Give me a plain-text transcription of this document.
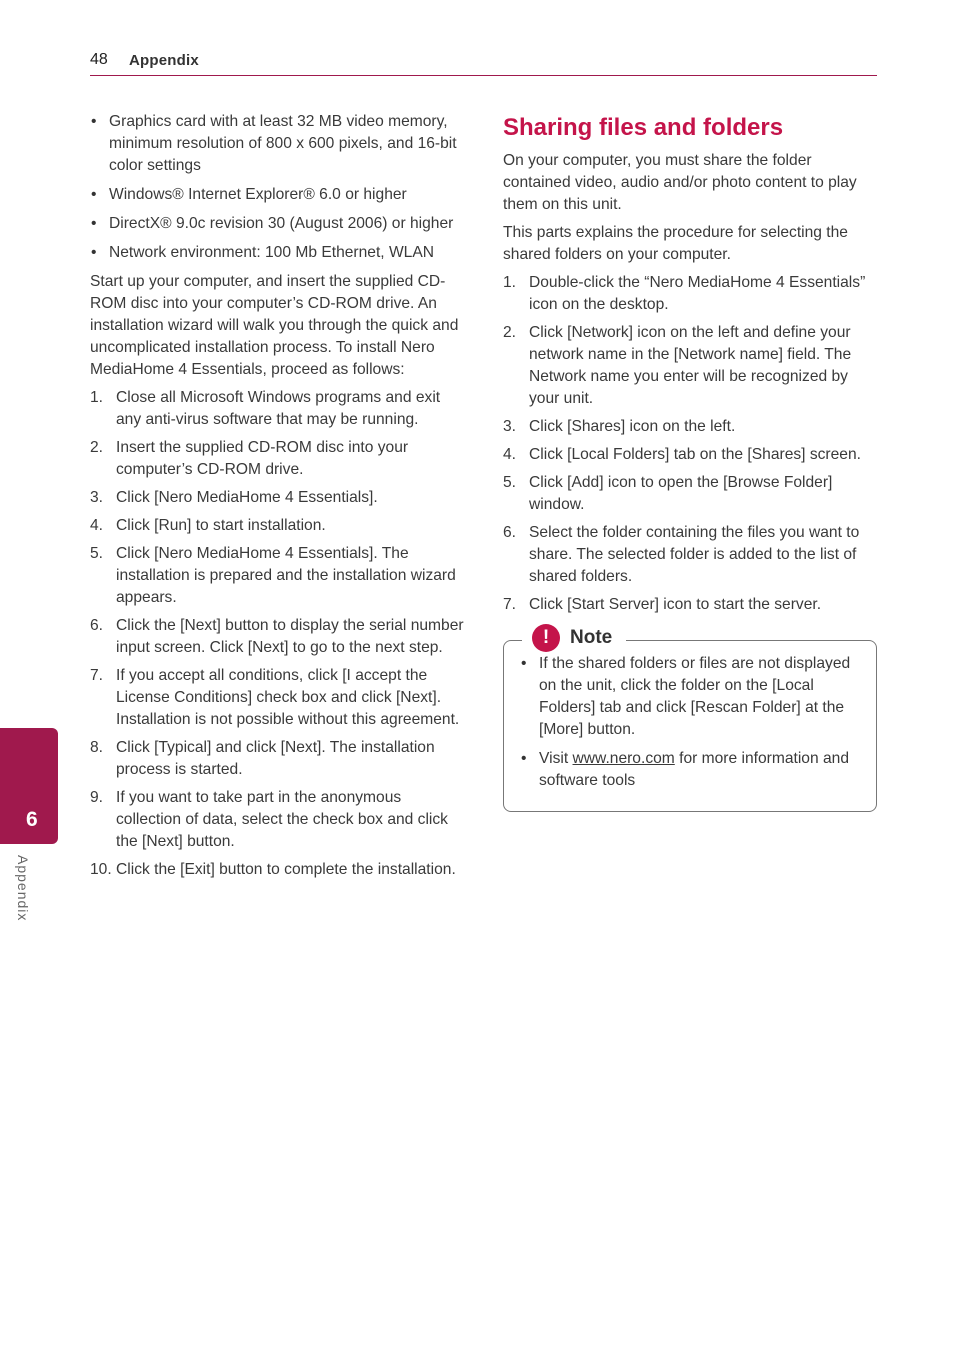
48 Appendix
• Graphics card with at least 32 MB video memory, minimum resolution of 800 x 600 pixels, and 16-bit color settings
• Windows® Internet Explorer® 6.0 or higher
• DirectX® 9.0c revision 30 (August 2006) or higher
• Network environment: 100 Mb Ethernet, WLAN

Start up your computer, and insert the supplied CD-ROM disc into your computer’s CD-ROM drive. An installation wizard will walk you through the quick and uncomplicated installation process. To install Nero MediaHome 4 Essentials, proceed as follows:

1. Close all Microsoft Windows programs and exit any anti-virus software that may be running.
2. Insert the supplied CD-ROM disc into your computer’s CD-ROM drive.
3. Click [Nero MediaHome 4 Essentials].
4. Click [Run] to start installation.
5. Click [Nero MediaHome 4 Essentials]. The installation is prepared and the installation wizard appears.
6. Click the [Next] button to display the serial number input screen. Click [Next] to go to the next step.
7. If you accept all conditions, click [I accept the License Conditions] check box and click [Next]. Installation is not possible without this agreement.
8. Click [Typical] and click [Next]. The installation process is started.
9. If you want to take part in the anonymous collection of data, select the check box and click the [Next] button.
10. Click the [Exit] button to complete the installation.
Sharing files and folders

On your computer, you must share the folder contained video, audio and/or photo content to play them on this unit.

This parts explains the procedure for selecting the shared folders on your computer.

1. Double-click the “Nero MediaHome 4 Essentials” icon on the desktop.
2. Click [Network] icon on the left and define your network name in the [Network name] field. The Network name you enter will be recognized by your unit.
3. Click [Shares] icon on the left.
4. Click [Local Folders] tab on the [Shares] screen.
5. Click [Add] icon to open the [Browse Folder] window.
6. Select the folder containing the files you want to share. The selected folder is added to the list of shared folders.
7. Click [Start Server] icon to start the server.
!	Note
• If the shared folders or files are not displayed on the unit, click the folder on the [Local Folders] tab and click [Rescan Folder] at the [More] button.
• Visit www.nero.com for more information and software tools
6
Appendix
